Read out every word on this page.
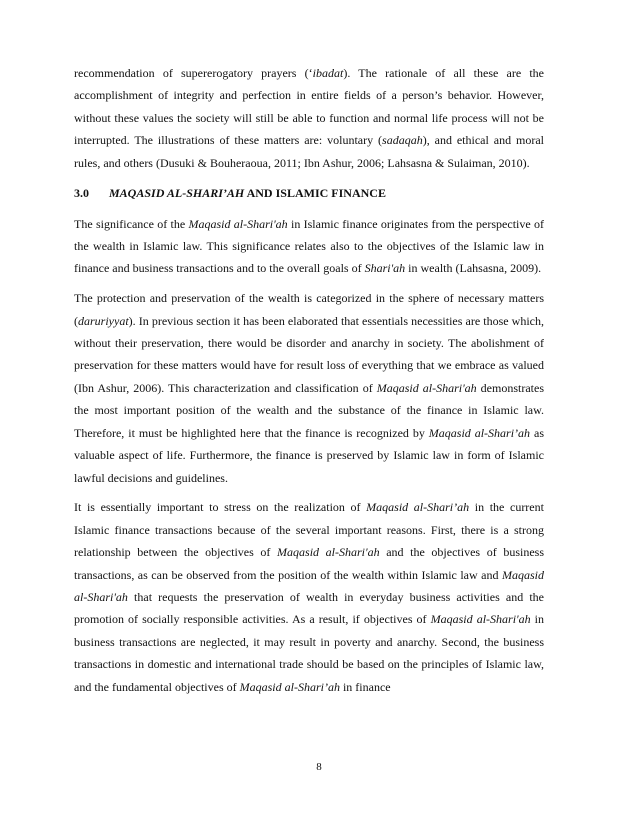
recommendation of supererogatory prayers (‘ibadat). The rationale of all these are the accomplishment of integrity and perfection in entire fields of a person’s behavior. However, without these values the society will still be able to function and normal life process will not be interrupted. The illustrations of these matters are: voluntary (sadaqah), and ethical and moral rules, and others (Dusuki & Bouheraoua, 2011; Ibn Ashur, 2006; Lahsasna & Sulaiman, 2010).

3.0 MAQASID AL-SHARI’AH AND ISLAMIC FINANCE

The significance of the Maqasid al-Shari'ah in Islamic finance originates from the perspective of the wealth in Islamic law. This significance relates also to the objectives of the Islamic law in finance and business transactions and to the overall goals of Shari'ah in wealth (Lahsasna, 2009).

The protection and preservation of the wealth is categorized in the sphere of necessary matters (daruriyyat). In previous section it has been elaborated that essentials necessities are those which, without their preservation, there would be disorder and anarchy in society. The abolishment of preservation for these matters would have for result loss of everything that we embrace as valued (Ibn Ashur, 2006). This characterization and classification of Maqasid al-Shari'ah demonstrates the most important position of the wealth and the substance of the finance in Islamic law. Therefore, it must be highlighted here that the finance is recognized by Maqasid al-Shari’ah as valuable aspect of life. Furthermore, the finance is preserved by Islamic law in form of Islamic lawful decisions and guidelines.

It is essentially important to stress on the realization of Maqasid al-Shari’ah in the current Islamic finance transactions because of the several important reasons. First, there is a strong relationship between the objectives of Maqasid al-Shari'ah and the objectives of business transactions, as can be observed from the position of the wealth within Islamic law and Maqasid al-Shari'ah that requests the preservation of wealth in everyday business activities and the promotion of socially responsible activities. As a result, if objectives of Maqasid al-Shari'ah in business transactions are neglected, it may result in poverty and anarchy. Second, the business transactions in domestic and international trade should be based on the principles of Islamic law, and the fundamental objectives of Maqasid al-Shari’ah in finance

8
